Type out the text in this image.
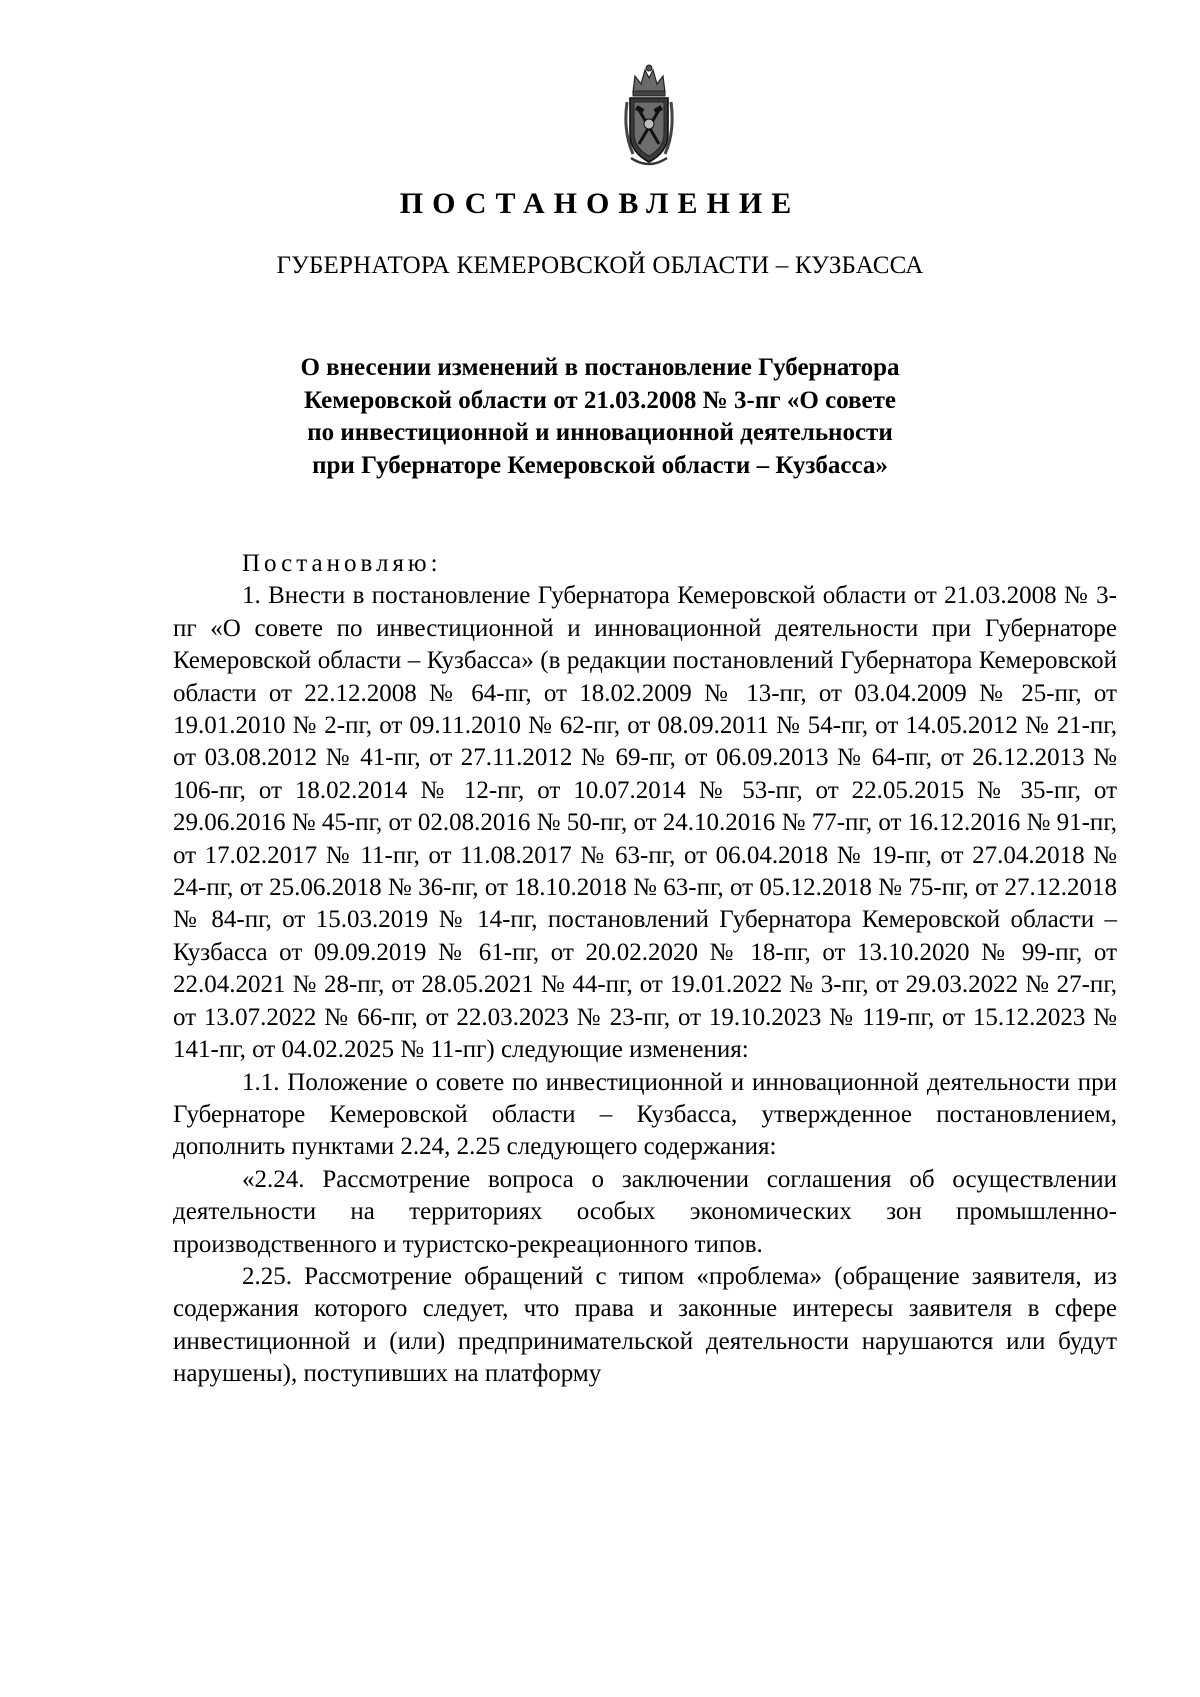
ПОСТАНОВЛЕНИЕ
ГУБЕРНАТОРА КЕМЕРОВСКОЙ ОБЛАСТИ – КУЗБАССА
О внесении изменений в постановление Губернатора
Кемеровской области от 21.03.2008 № 3-пг «О совете
по инвестиционной и инновационной деятельности
при Губернаторе Кемеровской области – Кузбасса»
Постановляю:

1. Внести в постановление Губернатора Кемеровской области от 21.03.2008 № 3-пг «О совете по инвестиционной и инновационной деятельности при Губернаторе Кемеровской области – Кузбасса» (в редакции постановлений Губернатора Кемеровской области от 22.12.2008 № 64-пг, от 18.02.2009 № 13-пг, от 03.04.2009 № 25-пг, от 19.01.2010 № 2-пг, от 09.11.2010 № 62-пг, от 08.09.2011 № 54-пг, от 14.05.2012 № 21-пг, от 03.08.2012 № 41-пг, от 27.11.2012 № 69-пг, от 06.09.2013 № 64-пг, от 26.12.2013 № 106-пг, от 18.02.2014 № 12-пг, от 10.07.2014 № 53-пг, от 22.05.2015 № 35-пг, от 29.06.2016 № 45-пг, от 02.08.2016 № 50-пг, от 24.10.2016 № 77-пг, от 16.12.2016 № 91-пг, от 17.02.2017 № 11-пг, от 11.08.2017 № 63-пг, от 06.04.2018 № 19-пг, от 27.04.2018 № 24-пг, от 25.06.2018 № 36-пг, от 18.10.2018 № 63-пг, от 05.12.2018 № 75-пг, от 27.12.2018 № 84-пг, от 15.03.2019 № 14-пг, постановлений Губернатора Кемеровской области – Кузбасса от 09.09.2019 № 61-пг, от 20.02.2020 № 18-пг, от 13.10.2020 № 99-пг, от 22.04.2021 № 28-пг, от 28.05.2021 № 44-пг, от 19.01.2022 № 3-пг, от 29.03.2022 № 27-пг, от 13.07.2022 № 66-пг, от 22.03.2023 № 23-пг, от 19.10.2023 № 119-пг, от 15.12.2023 № 141-пг, от 04.02.2025 № 11-пг) следующие изменения:

1.1. Положение о совете по инвестиционной и инновационной деятельности при Губернаторе Кемеровской области – Кузбасса, утвержденное постановлением, дополнить пунктами 2.24, 2.25 следующего содержания:

«2.24. Рассмотрение вопроса о заключении соглашения об осуществлении деятельности на территориях особых экономических зон промышленно-производственного и туристско-рекреационного типов.

2.25. Рассмотрение обращений с типом «проблема» (обращение заявителя, из содержания которого следует, что права и законные интересы заявителя в сфере инвестиционной и (или) предпринимательской деятельности нарушаются или будут нарушены), поступивших на платформу
